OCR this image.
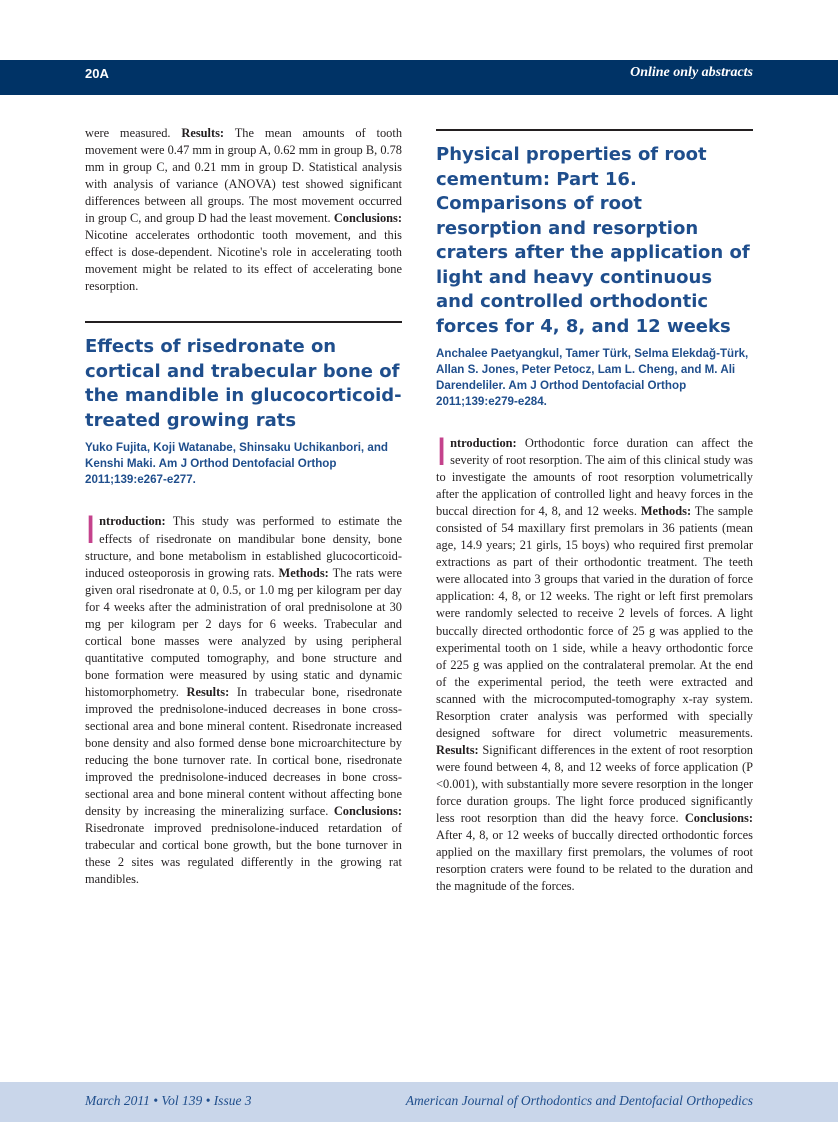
20A	Online only abstracts

were measured. Results: The mean amounts of tooth movement were 0.47 mm in group A, 0.62 mm in group B, 0.78 mm in group C, and 0.21 mm in group D. Statistical analysis with analysis of variance (ANOVA) test showed significant differences between all groups. The most movement occurred in group C, and group D had the least movement. Conclusions: Nicotine accelerates orthodontic tooth movement, and this effect is dose-dependent. Nicotine's role in accelerating tooth movement might be related to its effect of accelerating bone resorption.

Effects of risedronate on cortical and trabecular bone of the mandible in glucocorticoid-treated growing rats

Yuko Fujita, Koji Watanabe, Shinsaku Uchikanbori, and Kenshi Maki. Am J Orthod Dentofacial Orthop 2011;139:e267-e277.

Introduction: This study was performed to estimate the effects of risedronate on mandibular bone density, bone structure, and bone metabolism in established glucocorticoid-induced osteoporosis in growing rats. Methods: The rats were given oral risedronate at 0, 0.5, or 1.0 mg per kilogram per day for 4 weeks after the administration of oral prednisolone at 30 mg per kilogram per 2 days for 6 weeks. Trabecular and cortical bone masses were analyzed by using peripheral quantitative computed tomography, and bone structure and bone formation were measured by using static and dynamic histomorphometry. Results: In trabecular bone, risedronate improved the prednisolone-induced decreases in bone cross-sectional area and bone mineral content. Risedronate increased bone density and also formed dense bone microarchitecture by reducing the bone turnover rate. In cortical bone, risedronate improved the prednisolone-induced decreases in bone cross-sectional area and bone mineral content without affecting bone density by increasing the mineralizing surface. Conclusions: Risedronate improved prednisolone-induced retardation of trabecular and cortical bone growth, but the bone turnover in these 2 sites was regulated differently in the growing rat mandibles.

Physical properties of root cementum: Part 16. Comparisons of root resorption and resorption craters after the application of light and heavy continuous and controlled orthodontic forces for 4, 8, and 12 weeks

Anchalee Paetyangkul, Tamer Türk, Selma Elekdağ-Türk, Allan S. Jones, Peter Petocz, Lam L. Cheng, and M. Ali Darendeliler. Am J Orthod Dentofacial Orthop 2011;139:e279-e284.

Introduction: Orthodontic force duration can affect the severity of root resorption. The aim of this clinical study was to investigate the amounts of root resorption volumetrically after the application of controlled light and heavy forces in the buccal direction for 4, 8, and 12 weeks. Methods: The sample consisted of 54 maxillary first premolars in 36 patients (mean age, 14.9 years; 21 girls, 15 boys) who required first premolar extractions as part of their orthodontic treatment. The teeth were allocated into 3 groups that varied in the duration of force application: 4, 8, or 12 weeks. The right or left first premolars were randomly selected to receive 2 levels of forces. A light buccally directed orthodontic force of 25 g was applied to the experimental tooth on 1 side, while a heavy orthodontic force of 225 g was applied on the contralateral premolar. At the end of the experimental period, the teeth were extracted and scanned with the microcomputed-tomography x-ray system. Resorption crater analysis was performed with specially designed software for direct volumetric measurements. Results: Significant differences in the extent of root resorption were found between 4, 8, and 12 weeks of force application (P <0.001), with substantially more severe resorption in the longer force duration groups. The light force produced significantly less root resorption than did the heavy force. Conclusions: After 4, 8, or 12 weeks of buccally directed orthodontic forces applied on the maxillary first premolars, the volumes of root resorption craters were found to be related to the duration and the magnitude of the forces.

March 2011 • Vol 139 • Issue 3	American Journal of Orthodontics and Dentofacial Orthopedics
